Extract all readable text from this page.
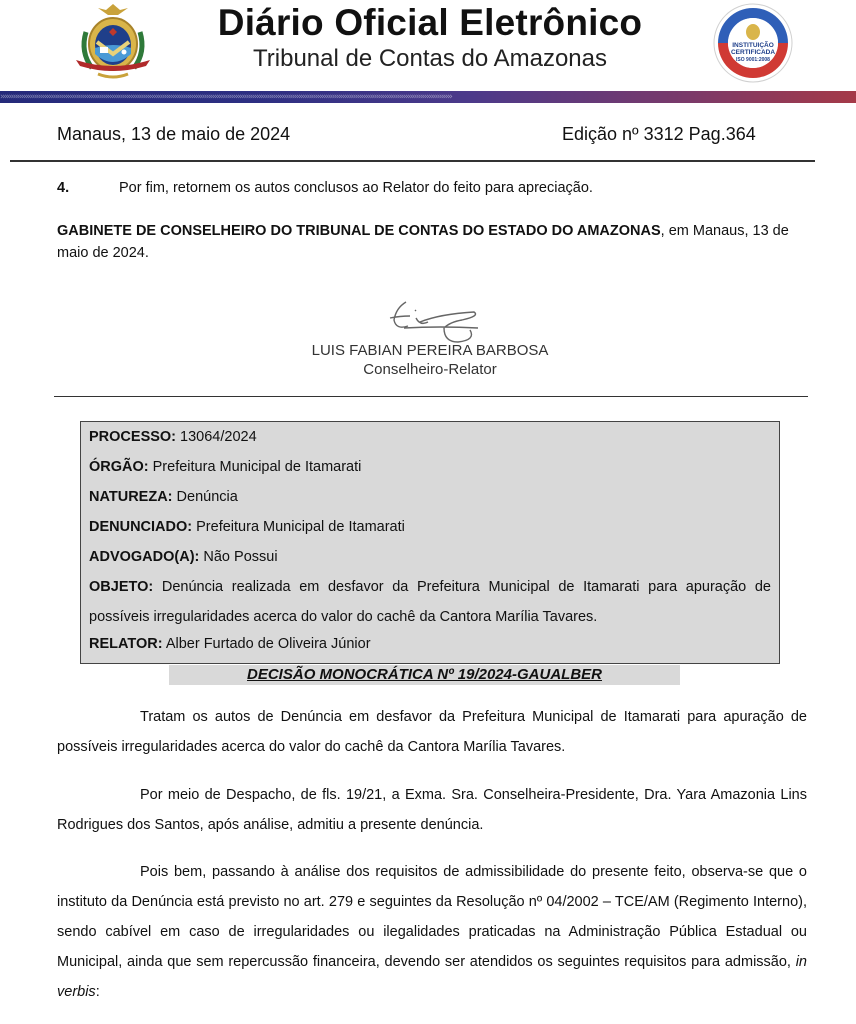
Diário Oficial Eletrônico
Tribunal de Contas do Amazonas	INSTITUIÇÃO
CERTIFICADA
ISO 9001:2008
›››››››››››››››››››››››››››››››››››››››››››››››››››››››››››››››››››››››››››››››››››››››››››››››››››››››››››››››››››››››››››››››››››››››››››››››››››››››››››››››››››››››››››››››››››››››››››››››››››››››››››››››››››››››
Manaus, 13 de maio de 2024	Edição nº 3312 Pag.364
4.	Por fim, retornem os autos conclusos ao Relator do feito para apreciação.
GABINETE DE CONSELHEIRO DO TRIBUNAL DE CONTAS DO ESTADO DO AMAZONAS, em Manaus, 13 de maio de 2024.
LUIS FABIAN PEREIRA BARBOSA
Conselheiro-Relator
PROCESSO: 13064/2024
ÓRGÃO: Prefeitura Municipal de Itamarati
NATUREZA: Denúncia
DENUNCIADO: Prefeitura Municipal de Itamarati
ADVOGADO(A): Não Possui
OBJETO: Denúncia realizada em desfavor da Prefeitura Municipal de Itamarati para apuração de possíveis irregularidades acerca do valor do cachê da Cantora Marília Tavares.
RELATOR: Alber Furtado de Oliveira Júnior
DECISÃO MONOCRÁTICA Nº 19/2024-GAUALBER
Tratam os autos de Denúncia em desfavor da Prefeitura Municipal de Itamarati para apuração de possíveis irregularidades acerca do valor do cachê da Cantora Marília Tavares.
Por meio de Despacho, de fls. 19/21, a Exma. Sra. Conselheira-Presidente, Dra. Yara Amazonia Lins Rodrigues dos Santos, após análise, admitiu a presente denúncia.
Pois bem, passando à análise dos requisitos de admissibilidade do presente feito, observa-se que o instituto da Denúncia está previsto no art. 279 e seguintes da Resolução nº 04/2002 – TCE/AM (Regimento Interno), sendo cabível em caso de irregularidades ou ilegalidades praticadas na Administração Pública Estadual ou Municipal, ainda que sem repercussão financeira, devendo ser atendidos os seguintes requisitos para admissão, in verbis:
